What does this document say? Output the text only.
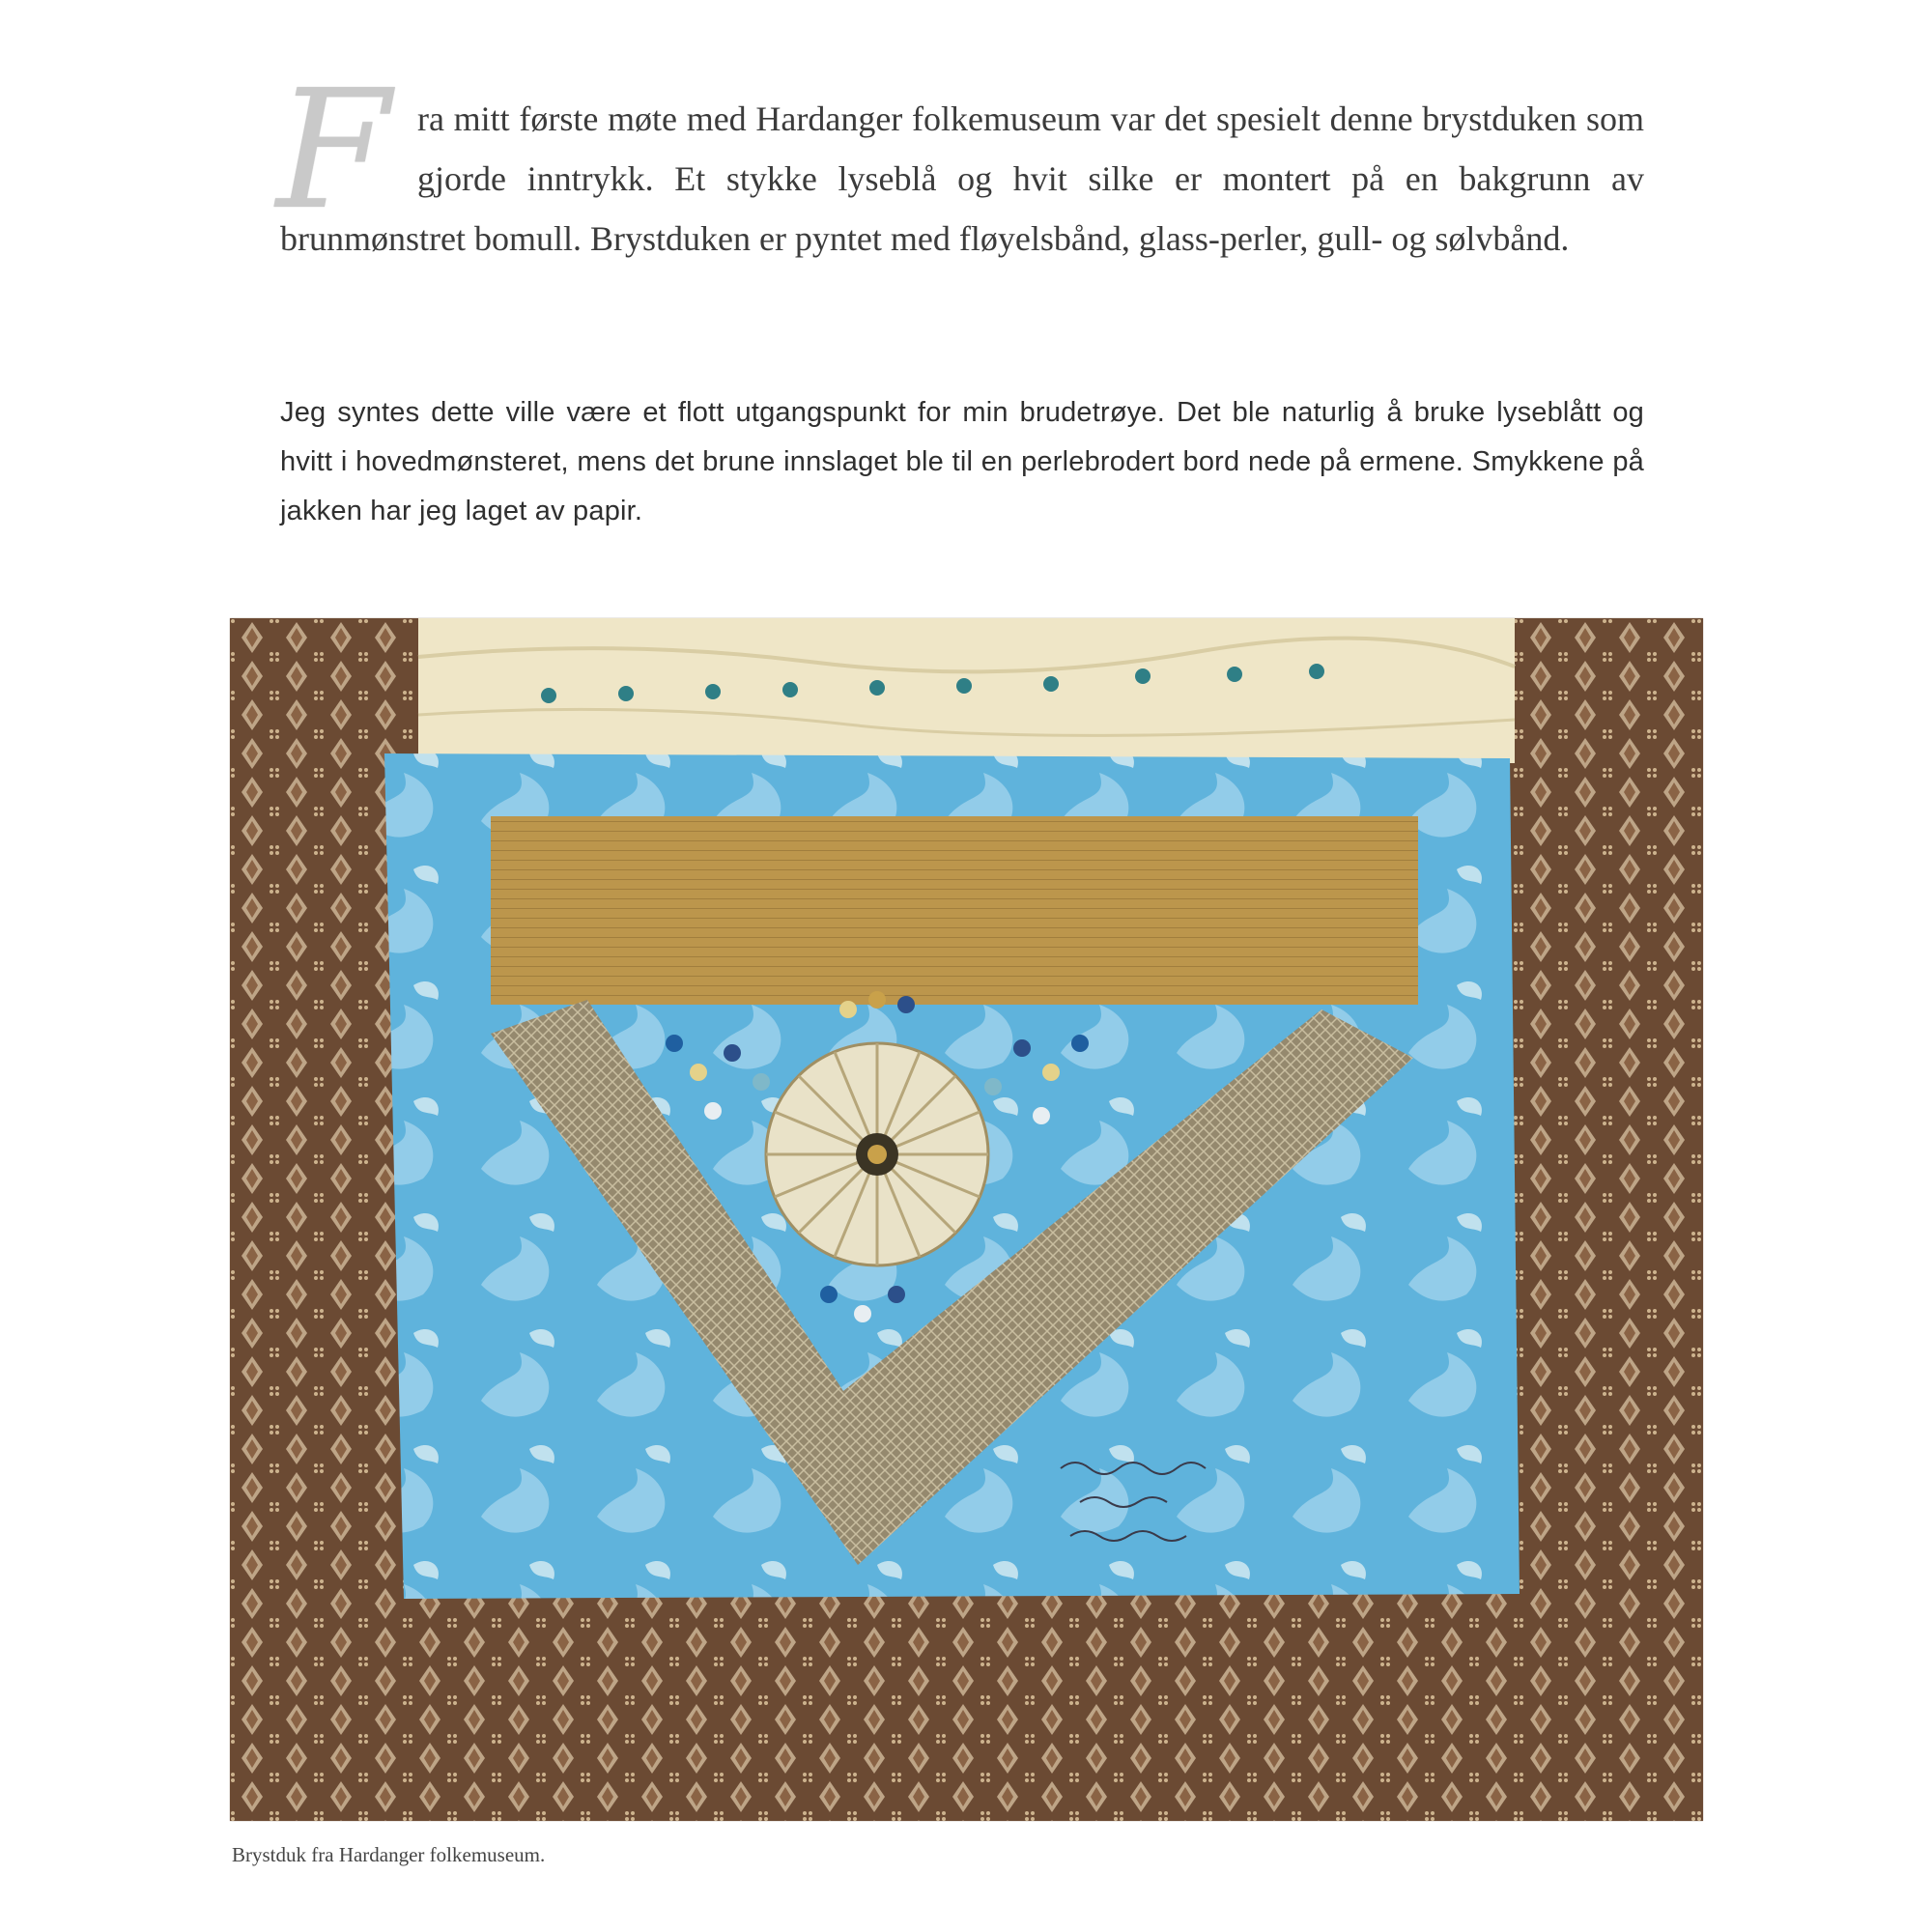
F ra mitt første møte med Hardanger folkemuseum var det spesielt denne brystduken som gjorde inntrykk. Et stykke lyseblå og hvit silke er montert på en bakgrunn av brunmønstret bomull. Brystduken er pyntet med fløyelsbånd, glass-perler, gull- og sølvbånd.
Jeg syntes dette ville være et flott utgangspunkt for min brudetrøye. Det ble naturlig å bruke lyseblått og hvitt i hovedmønsteret, mens det brune innslaget ble til en perlebrodert bord nede på ermene. Smykkene på jakken har jeg laget av papir.
Brystduk fra Hardanger folkemuseum.
